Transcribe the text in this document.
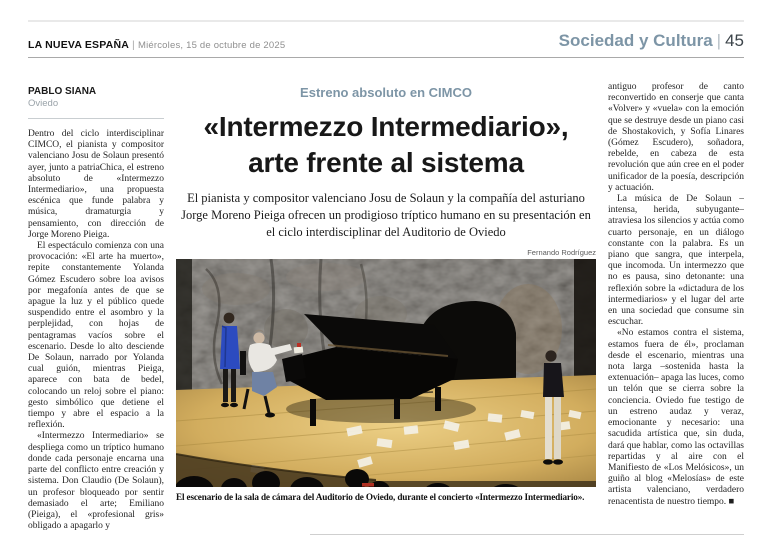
LA NUEVA ESPAÑA | Miércoles, 15 de octubre de 2025	Sociedad y Cultura | 45
PABLO SIANA
Oviedo

Dentro del ciclo interdisciplinar CIMCO, el pianista y compositor valenciano Josu de Solaun presentó ayer, junto a patriaChica, el estreno absoluto de «Intermezzo Intermediario», una propuesta escénica que funde palabra y música, dramaturgia y pensamiento, con dirección de Jorge Moreno Pieiga.

El espectáculo comienza con una provocación: «El arte ha muerto», repite constantemente Yolanda Gómez Escudero sobre loa avisos por megafonía antes de que se apague la luz y el público quede suspendido entre el asombro y la perplejidad, con hojas de pentagramas vacíos sobre el escenario. Desde lo alto desciende De Solaun, narrado por Yolanda cual guión, mientras Pieiga, aparece con bata de bedel, colocando un reloj sobre el piano: gesto simbólico que detiene el tiempo y abre el espacio a la reflexión.

«Intermezzo Intermediario» se despliega como un tríptico humano donde cada personaje encarna una parte del conflicto entre creación y sistema. Don Claudio (De Solaun), un profesor bloqueado por sentir demasiado el arte; Emiliano (Pieiga), el «profesional gris» obligado a apagarlo y

Estreno absoluto en CIMCO
«Intermezzo Intermediario», arte frente al sistema

El pianista y compositor valenciano Josu de Solaun y la compañía del asturiano Jorge Moreno Pieiga ofrecen un prodigioso tríptico humano en su presentación en el ciclo interdisciplinar del Auditorio de Oviedo

Fernando Rodríguez
El escenario de la sala de cámara del Auditorio de Oviedo, durante el concierto «Intermezzo Intermediario».

antiguo profesor de canto reconvertido en conserje que canta «Volver» y «vuela» con la emoción que se destruye desde un piano casi de Shostakovich, y Sofía Linares (Gómez Escudero), soñadora, rebelde, en cabeza de esta revolución que aún cree en el poder unificador de la poesía, descripción y actuación.

La música de De Solaun –intensa, herida, subyugante– atraviesa los silencios y actúa como cuarto personaje, en un diálogo constante con la palabra. Es un piano que sangra, que interpela, que incomoda. Un intermezzo que no es pausa, sino detonante: una reflexión sobre la «dictadura de los intermediarios» y el lugar del arte en una sociedad que consume sin escuchar.

«No estamos contra el sistema, estamos fuera de él», proclaman desde el escenario, mientras una nota larga –sostenida hasta la extenuación– apaga las luces, como un telón que se cierra sobre la conciencia. Oviedo fue testigo de un estreno audaz y veraz, emocionante y necesario: una sacudida artística que, sin duda, dará que hablar, como las octavillas repartidas y al aire con el Manifiesto de «Los Melósicos», un guiño al blog «Melosías» de este artista valenciano, verdadero renacentista de nuestro tiempo. ■
